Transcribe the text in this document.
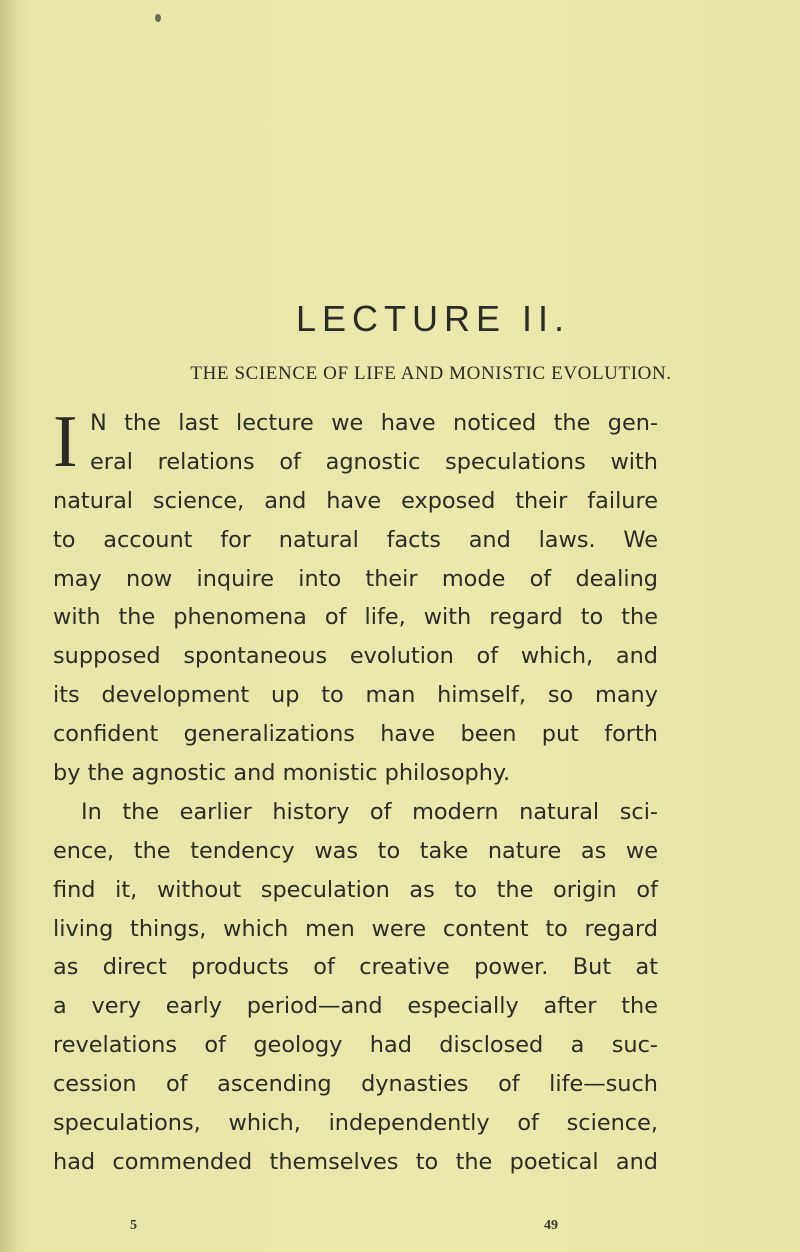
LECTURE II.
THE SCIENCE OF LIFE AND MONISTIC EVOLUTION.
I N the last lecture we have noticed the gen-
eral relations of agnostic speculations with
natural science, and have exposed their failure
to account for natural facts and laws. We
may now inquire into their mode of dealing
with the phenomena of life, with regard to the
supposed spontaneous evolution of which, and
its development up to man himself, so many
confident generalizations have been put forth
by the agnostic and monistic philosophy.
In the earlier history of modern natural sci-
ence, the tendency was to take nature as we
find it, without speculation as to the origin of
living things, which men were content to regard
as direct products of creative power. But at
a very early period—and especially after the
revelations of geology had disclosed a suc-
cession of ascending dynasties of life—such
speculations, which, independently of science,
had commended themselves to the poetical and
5	49
